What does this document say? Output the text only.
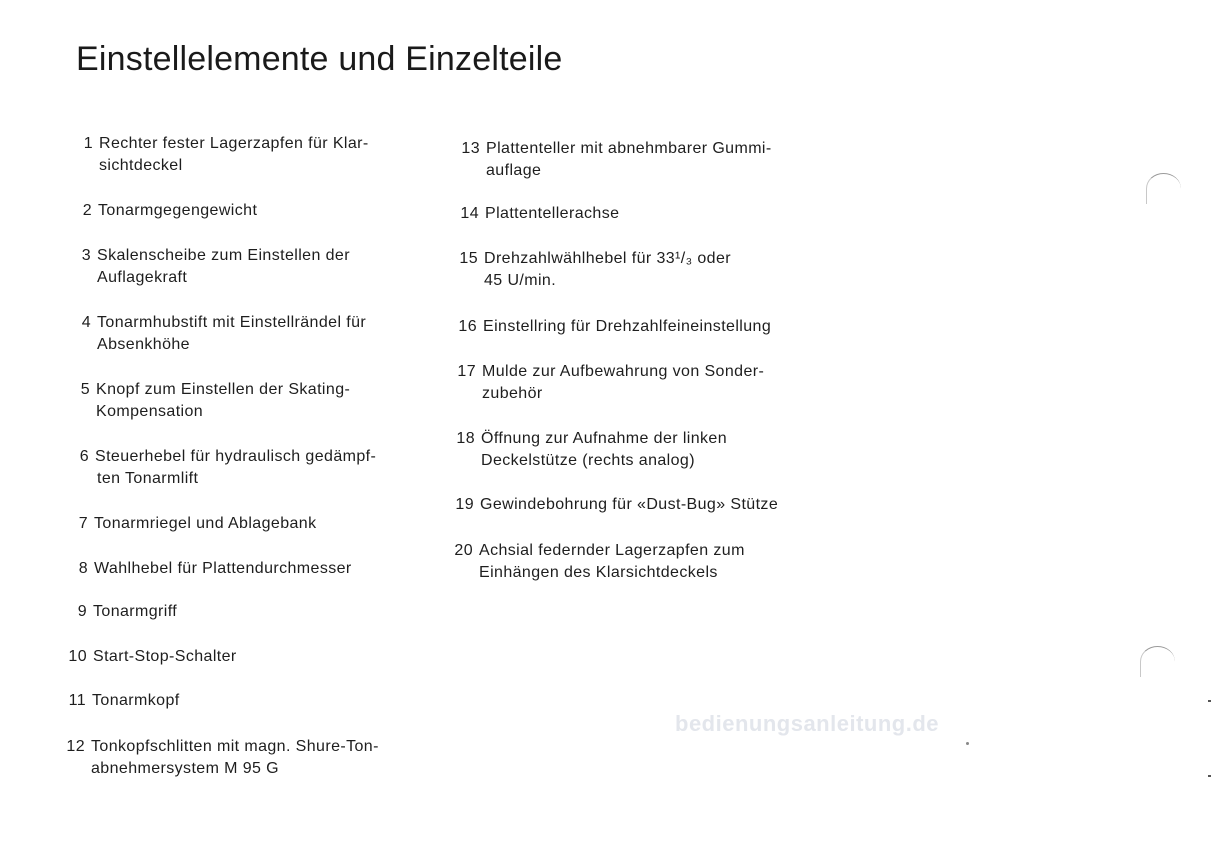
Einstellelemente und Einzelteile
1 Rechter fester Lagerzapfen für Klar-
sichtdeckel
2 Tonarmgegengewicht
3 Skalenscheibe zum Einstellen der
Auflagekraft
4 Tonarmhubstift mit Einstellrändel für
Absenkhöhe
5 Knopf zum Einstellen der Skating-
Kompensation
6 Steuerhebel für hydraulisch gedämpf-
ten Tonarmlift
7 Tonarmriegel und Ablagebank
8 Wahlhebel für Plattendurchmesser
9 Tonarmgriff
10 Start-Stop-Schalter
11 Tonarmkopf
12 Tonkopfschlitten mit magn. Shure-Ton-
abnehmersystem M 95 G
13 Plattenteller mit abnehmbarer Gummi-
auflage
14 Plattentellerachse
15 Drehzahlwählhebel für 33¹/₃ oder
45 U/min.
16 Einstellring für Drehzahlfeineinstellung
17 Mulde zur Aufbewahrung von Sonder-
zubehör
18 Öffnung zur Aufnahme der linken
Deckelstütze (rechts analog)
19 Gewindebohrung für «Dust-Bug» Stütze
20 Achsial federnder Lagerzapfen zum
Einhängen des Klarsichtdeckels
bedienungsanleitung.de
